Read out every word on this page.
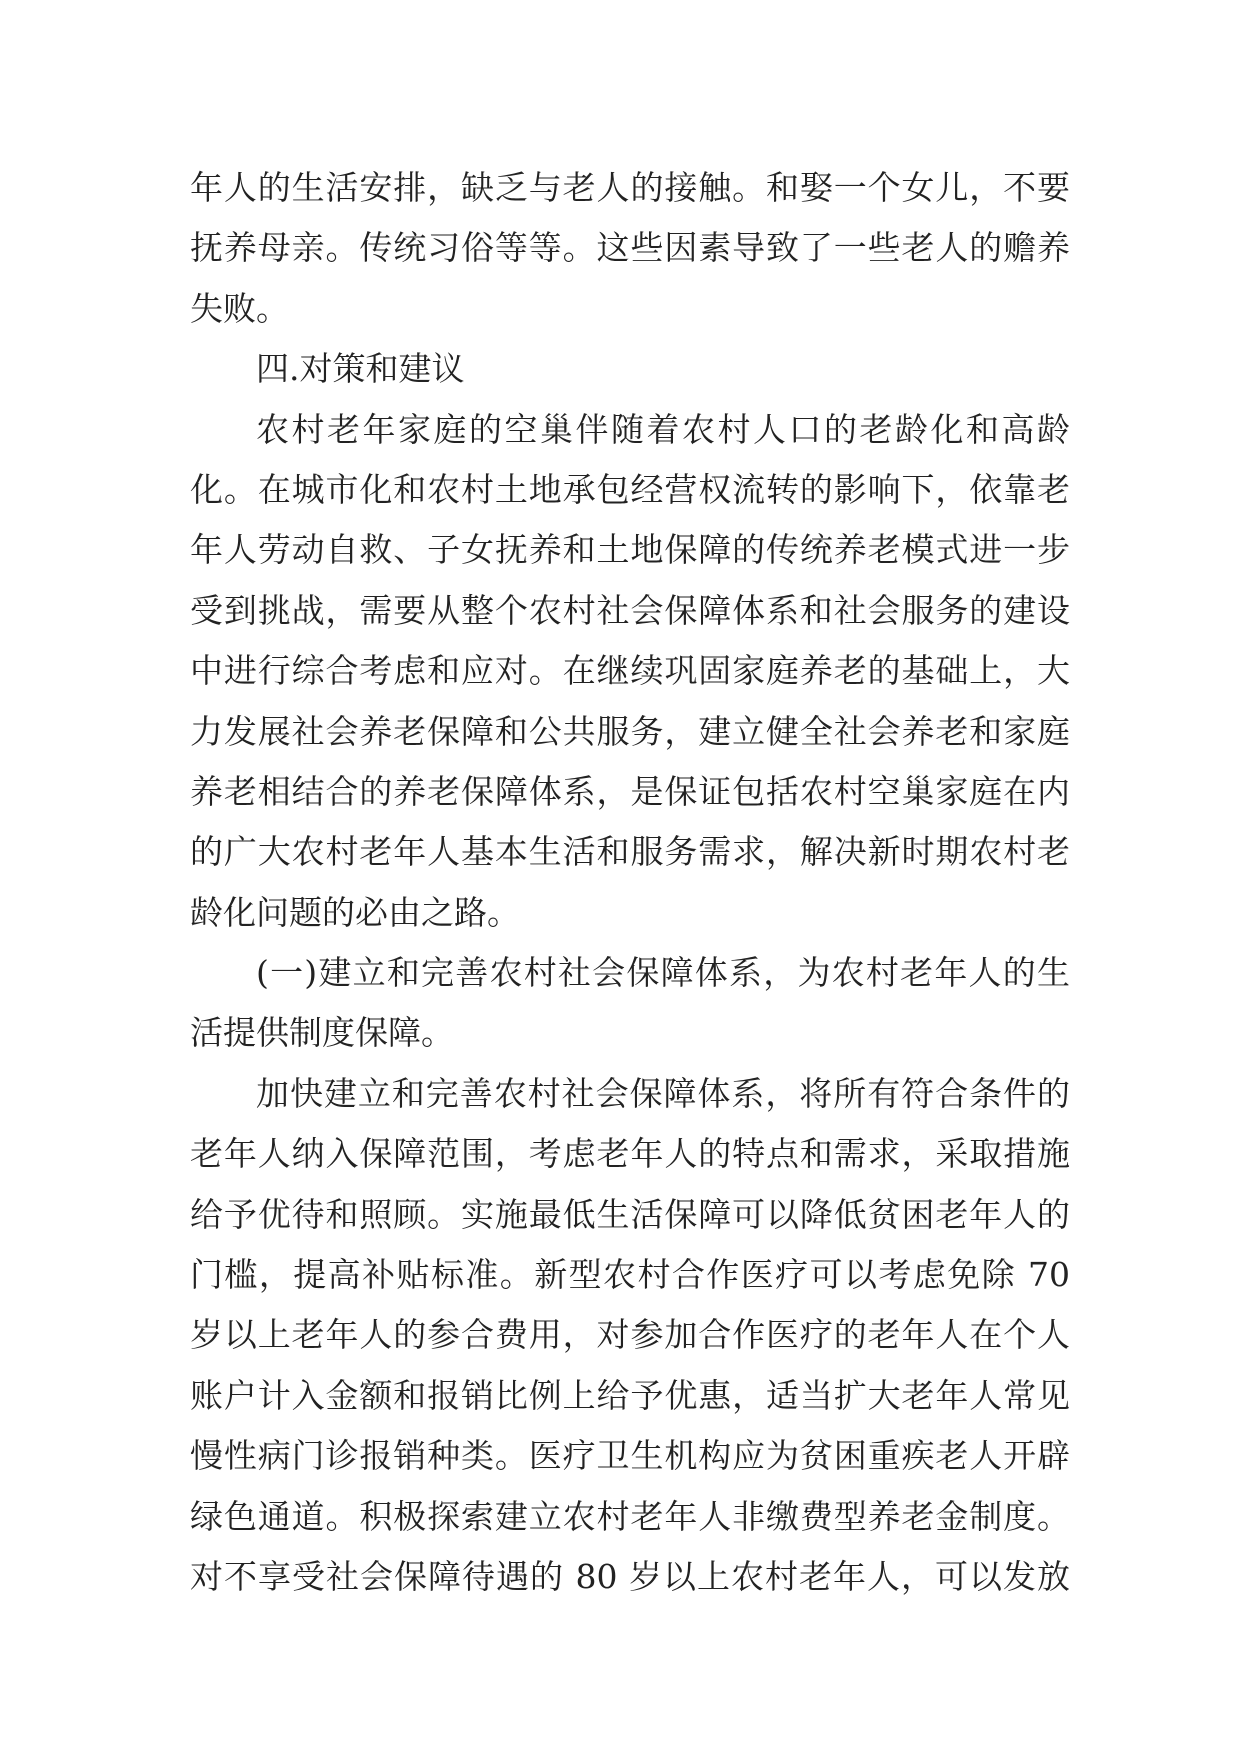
年人的生活安排，缺乏与老人的接触。和娶一个女儿，不要
抚养母亲。传统习俗等等。这些因素导致了一些老人的赡养
失败。
四.对策和建议
农村老年家庭的空巢伴随着农村人口的老龄化和高龄
化。在城市化和农村土地承包经营权流转的影响下，依靠老
年人劳动自救、子女抚养和土地保障的传统养老模式进一步
受到挑战，需要从整个农村社会保障体系和社会服务的建设
中进行综合考虑和应对。在继续巩固家庭养老的基础上，大
力发展社会养老保障和公共服务，建立健全社会养老和家庭
养老相结合的养老保障体系，是保证包括农村空巢家庭在内
的广大农村老年人基本生活和服务需求，解决新时期农村老
龄化问题的必由之路。
(一)建立和完善农村社会保障体系，为农村老年人的生
活提供制度保障。
加快建立和完善农村社会保障体系，将所有符合条件的
老年人纳入保障范围，考虑老年人的特点和需求，采取措施
给予优待和照顾。实施最低生活保障可以降低贫困老年人的
门槛，提高补贴标准。新型农村合作医疗可以考虑免除 70
岁以上老年人的参合费用，对参加合作医疗的老年人在个人
账户计入金额和报销比例上给予优惠，适当扩大老年人常见
慢性病门诊报销种类。医疗卫生机构应为贫困重疾老人开辟
绿色通道。积极探索建立农村老年人非缴费型养老金制度。
对不享受社会保障待遇的 80 岁以上农村老年人，可以发放
